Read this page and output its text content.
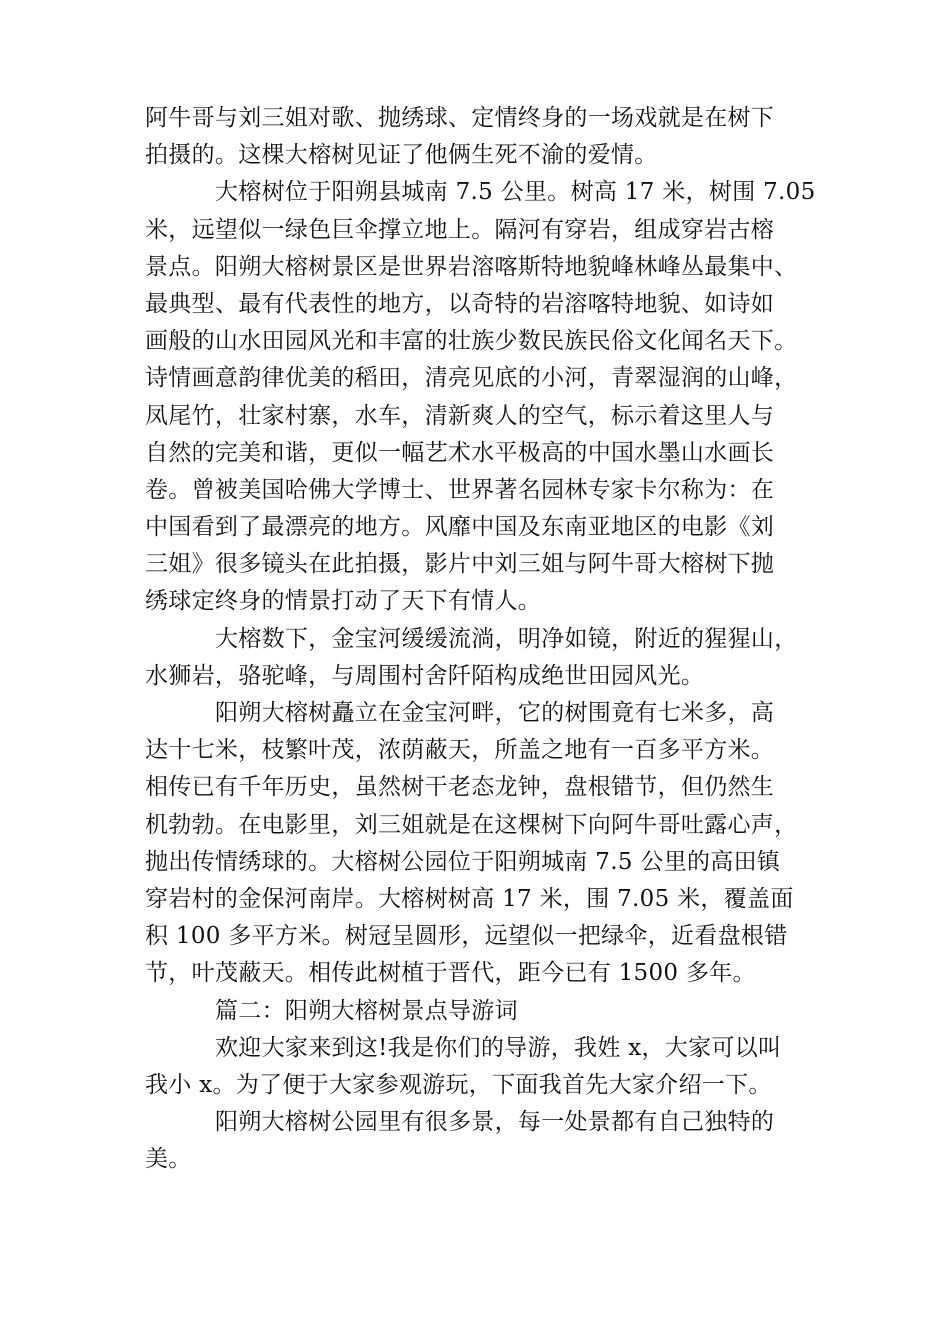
阿牛哥与刘三姐对歌、抛绣球、定情终身的一场戏就是在树下
拍摄的。这棵大榕树见证了他俩生死不渝的爱情。
大榕树位于阳朔县城南 7.5 公里。树高 17 米，树围 7.05
米，远望似一绿色巨伞撑立地上。隔河有穿岩，组成穿岩古榕
景点。阳朔大榕树景区是世界岩溶喀斯特地貌峰林峰丛最集中、
最典型、最有代表性的地方，以奇特的岩溶喀特地貌、如诗如
画般的山水田园风光和丰富的壮族少数民族民俗文化闻名天下。
诗情画意韵律优美的稻田，清亮见底的小河，青翠湿润的山峰，
凤尾竹，壮家村寨，水车，清新爽人的空气，标示着这里人与
自然的完美和谐，更似一幅艺术水平极高的中国水墨山水画长
卷。曾被美国哈佛大学博士、世界著名园林专家卡尔称为：在
中国看到了最漂亮的地方。风靡中国及东南亚地区的电影《刘
三姐》很多镜头在此拍摄，影片中刘三姐与阿牛哥大榕树下抛
绣球定终身的情景打动了天下有情人。
大榕数下，金宝河缓缓流淌，明净如镜，附近的猩猩山，
水狮岩，骆驼峰，与周围村舍阡陌构成绝世田园风光。
阳朔大榕树矗立在金宝河畔，它的树围竟有七米多，高
达十七米，枝繁叶茂，浓荫蔽天，所盖之地有一百多平方米。
相传已有千年历史，虽然树干老态龙钟，盘根错节，但仍然生
机勃勃。在电影里，刘三姐就是在这棵树下向阿牛哥吐露心声，
抛出传情绣球的。大榕树公园位于阳朔城南 7.5 公里的高田镇
穿岩村的金保河南岸。大榕树树高 17 米，围 7.05 米，覆盖面
积 100 多平方米。树冠呈圆形，远望似一把绿伞，近看盘根错
节，叶茂蔽天。相传此树植于晋代，距今已有 1500 多年。
篇二：阳朔大榕树景点导游词
欢迎大家来到这!我是你们的导游，我姓 x，大家可以叫
我小 x。为了便于大家参观游玩，下面我首先大家介绍一下。
阳朔大榕树公园里有很多景，每一处景都有自己独特的
美。
